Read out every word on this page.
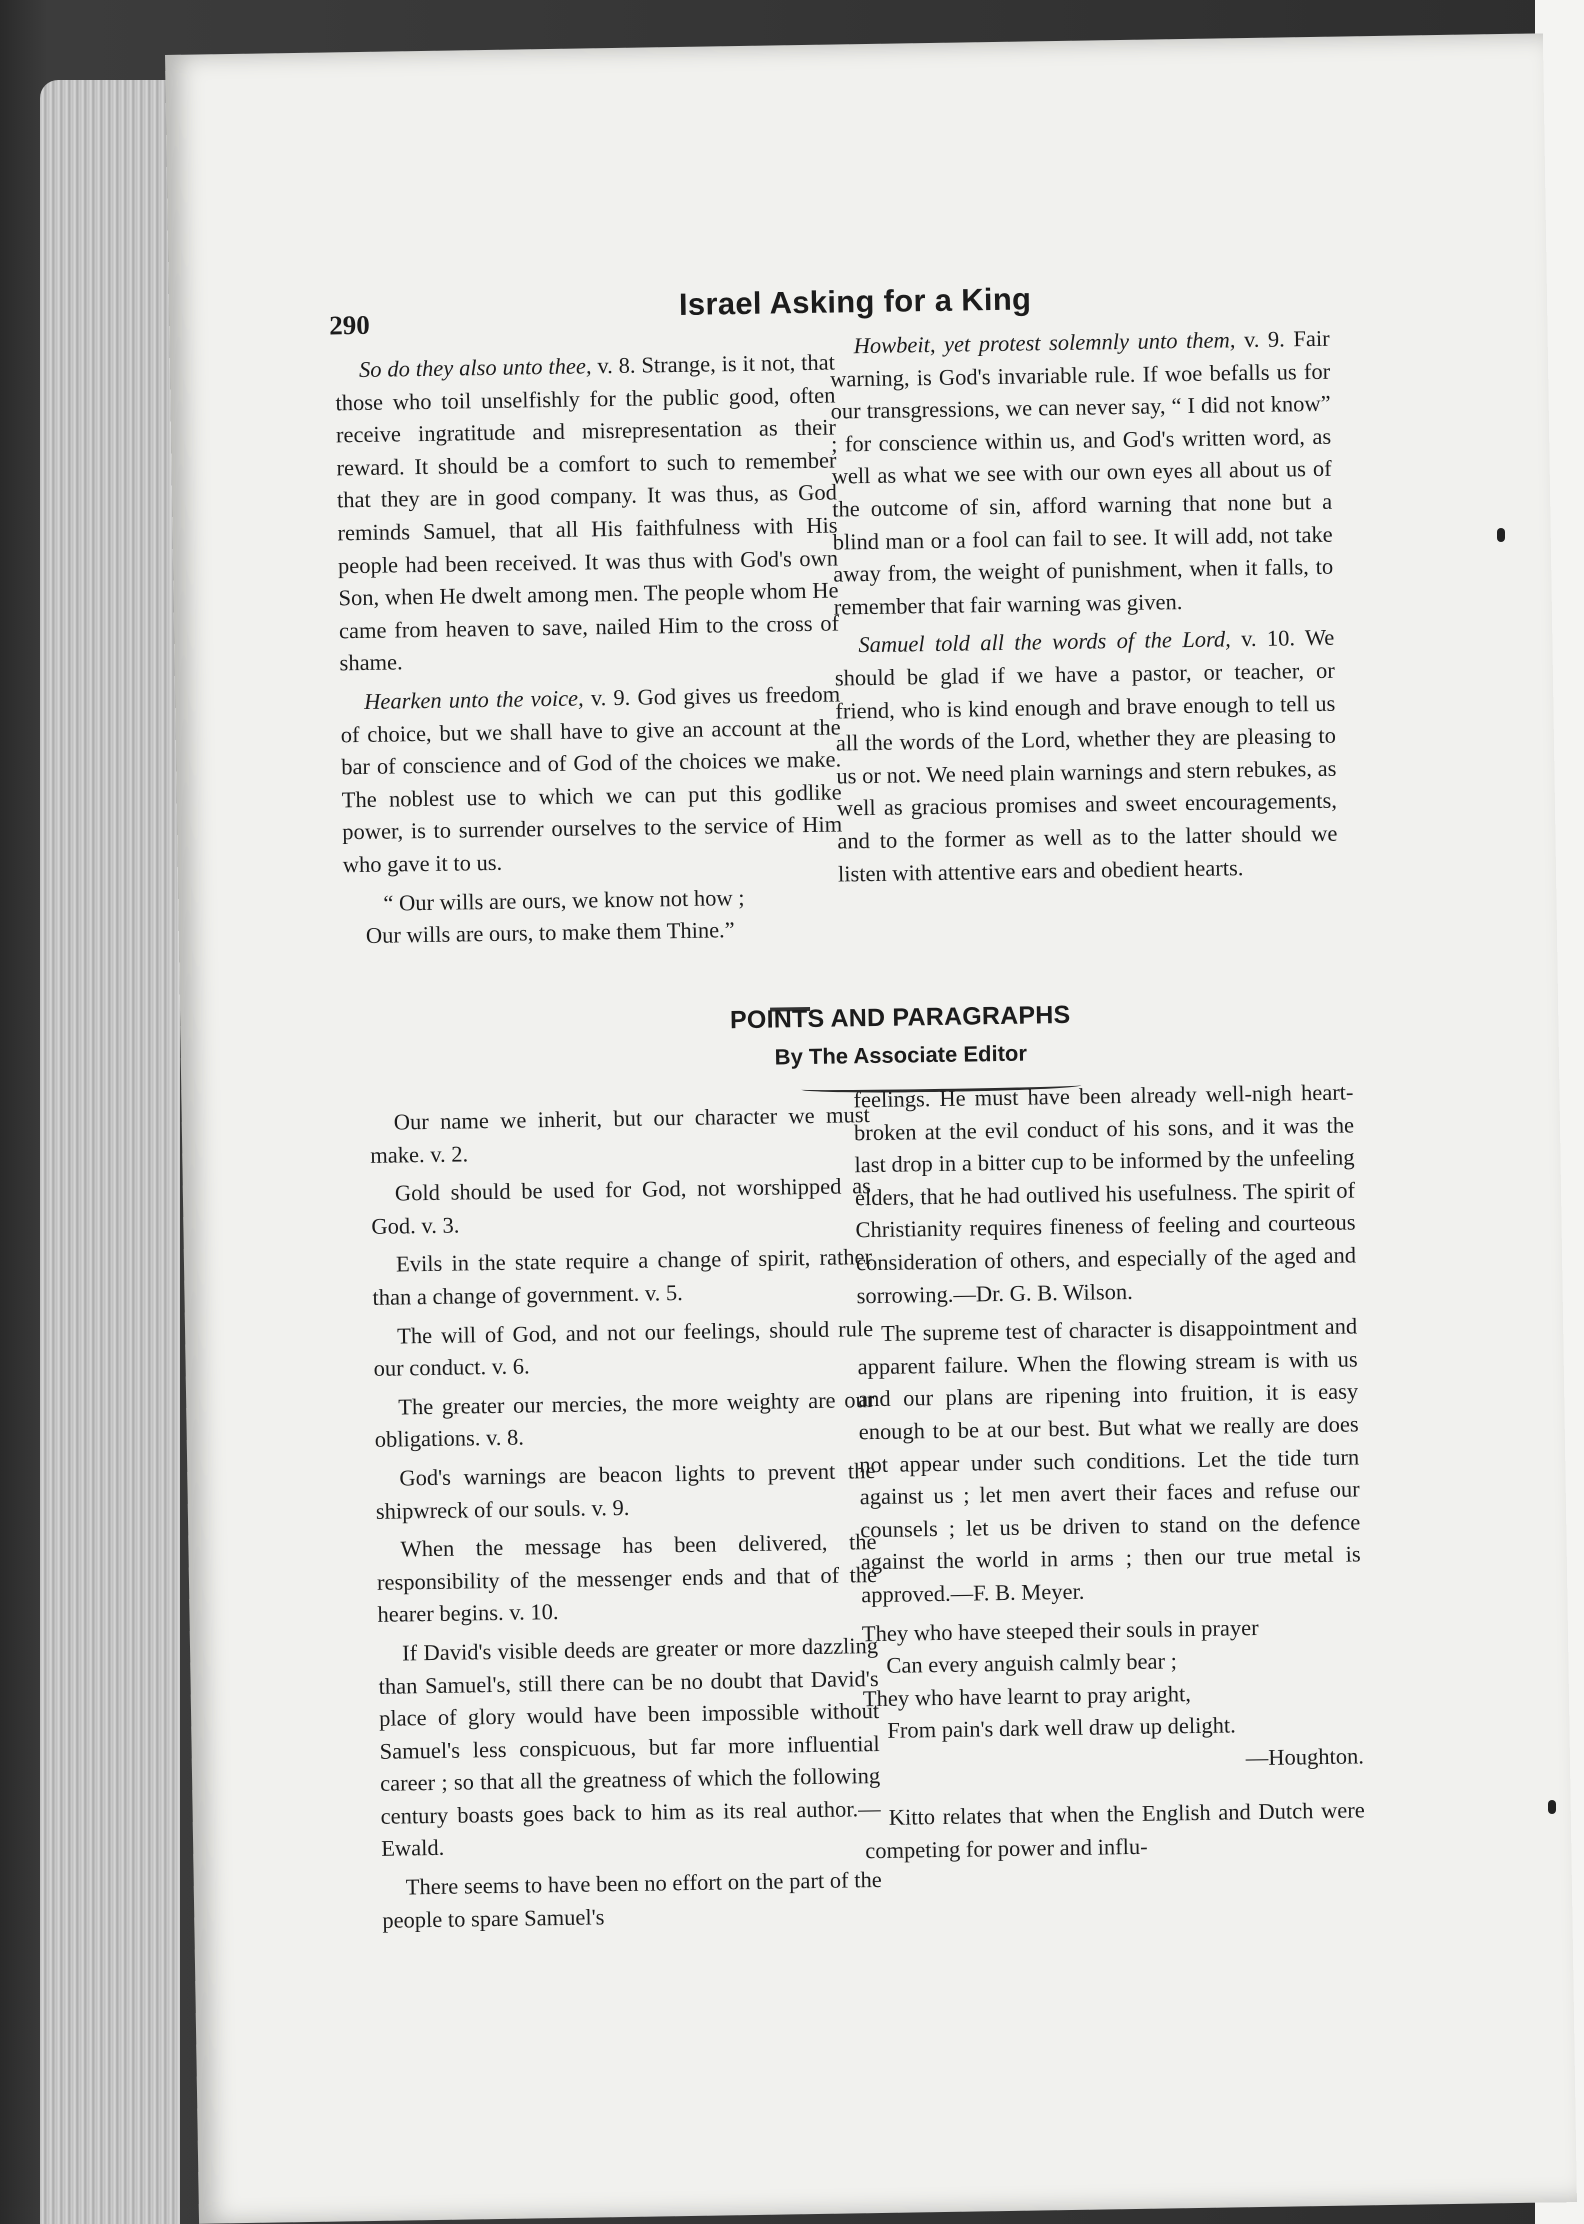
290
Israel Asking for a King

So do they also unto thee, v. 8. Strange, is it not, that those who toil unselfishly for the public good, often receive ingratitude and misrepresentation as their reward. It should be a comfort to such to remember that they are in good company. It was thus, as God reminds Samuel, that all His faithfulness with His people had been received. It was thus with God's own Son, when He dwelt among men. The people whom He came from heaven to save, nailed Him to the cross of shame.

Hearken unto the voice, v. 9. God gives us freedom of choice, but we shall have to give an account at the bar of conscience and of God of the choices we make. The noblest use to which we can put this godlike power, is to surrender ourselves to the service of Him who gave it to us.

“ Our wills are ours, we know not how ;

Our wills are ours, to make them Thine.”

Howbeit, yet protest solemnly unto them, v. 9. Fair warning, is God's invariable rule. If woe befalls us for our transgressions, we can never say, “ I did not know” ; for conscience within us, and God's written word, as well as what we see with our own eyes all about us of the outcome of sin, afford warning that none but a blind man or a fool can fail to see. It will add, not take away from, the weight of punishment, when it falls, to remember that fair warning was given.

Samuel told all the words of the Lord, v. 10. We should be glad if we have a pastor, or teacher, or friend, who is kind enough and brave enough to tell us all the words of the Lord, whether they are pleasing to us or not. We need plain warnings and stern rebukes, as well as gracious promises and sweet encouragements, and to the former as well as to the latter should we listen with attentive ears and obedient hearts.

POINTS AND PARAGRAPHS
By The Associate Editor

Our name we inherit, but our character we must make. v. 2.

Gold should be used for God, not worshipped as God. v. 3.

Evils in the state require a change of spirit, rather than a change of government. v. 5.

The will of God, and not our feelings, should rule our conduct. v. 6.

The greater our mercies, the more weighty are our obligations. v. 8.

God's warnings are beacon lights to prevent the shipwreck of our souls. v. 9.

When the message has been delivered, the responsibility of the messenger ends and that of the hearer begins. v. 10.

If David's visible deeds are greater or more dazzling than Samuel's, still there can be no doubt that David's place of glory would have been impossible without Samuel's less conspicuous, but far more influential career ; so that all the greatness of which the following century boasts goes back to him as its real author.—Ewald.

There seems to have been no effort on the part of the people to spare Samuel's

feelings. He must have been already well-nigh heart-broken at the evil conduct of his sons, and it was the last drop in a bitter cup to be informed by the unfeeling elders, that he had outlived his usefulness. The spirit of Christianity requires fineness of feeling and courteous consideration of others, and especially of the aged and sorrowing.—Dr. G. B. Wilson.

The supreme test of character is disappointment and apparent failure. When the flowing stream is with us and our plans are ripening into fruition, it is easy enough to be at our best. But what we really are does not appear under such conditions. Let the tide turn against us ; let men avert their faces and refuse our counsels ; let us be driven to stand on the defence against the world in arms ; then our true metal is approved.—F. B. Meyer.

They who have steeped their souls in prayer

Can every anguish calmly bear ;

They who have learnt to pray aright,

From pain's dark well draw up delight.

—Houghton.

Kitto relates that when the English and Dutch were competing for power and influ-
